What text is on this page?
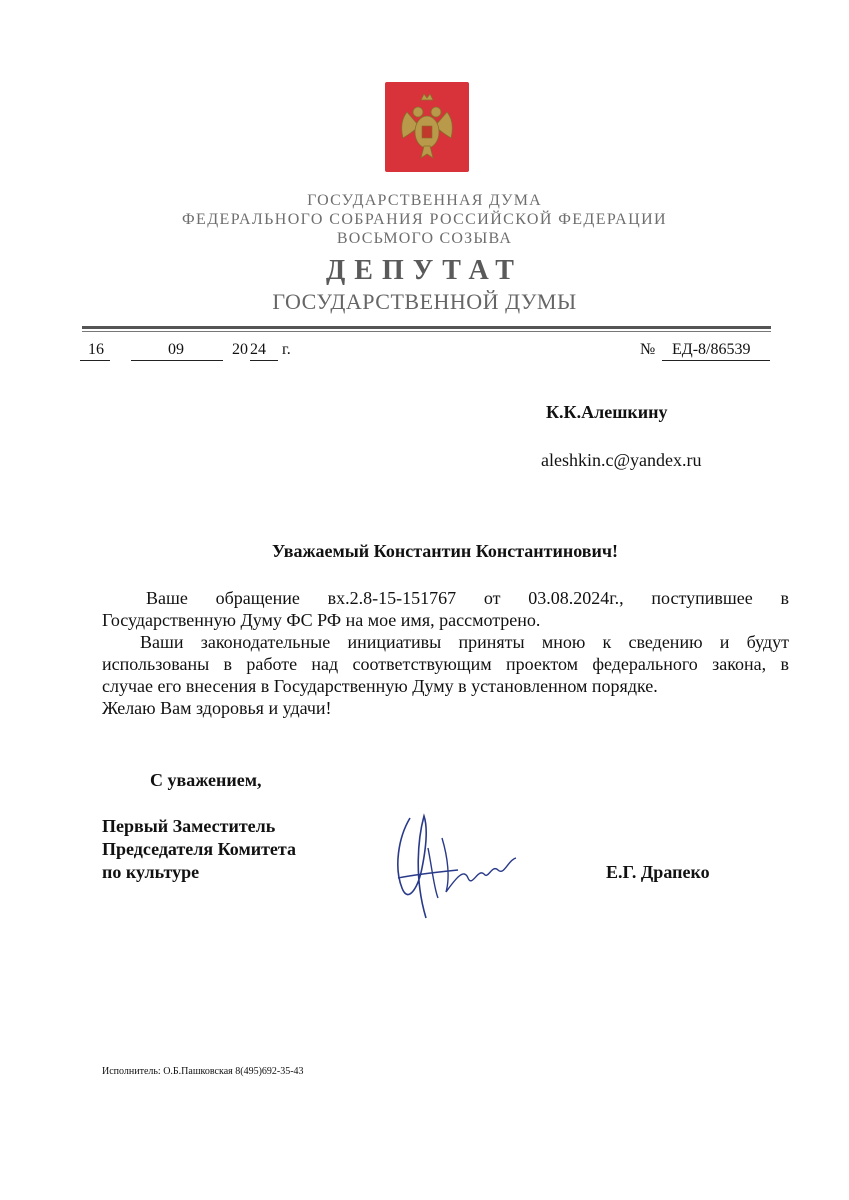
ГОСУДАРСТВЕННАЯ ДУМА
ФЕДЕРАЛЬНОГО СОБРАНИЯ РОССИЙСКОЙ ФЕДЕРАЦИИ
ВОСЬМОГО СОЗЫВА
ДЕПУТАТ
ГОСУДАРСТВЕННОЙ ДУМЫ
16	09	20 24 г.	№ ЕД-8/86539
К.К.Алешкину
aleshkin.c@yandex.ru
Уважаемый Константин Константинович!
Ваше обращение вх.2.8-15-151767 от 03.08.2024г., поступившее в
Государственную Думу ФС РФ на мое имя, рассмотрено.
Ваши законодательные инициативы приняты мною к сведению и будут
использованы в работе над соответствующим проектом федерального закона, в
случае его внесения в Государственную Думу в установленном порядке.
Желаю Вам здоровья и удачи!
С уважением,
Первый Заместитель
Председателя Комитета
по культуре	Е.Г. Драпеко
Исполнитель: О.Б.Пашковская 8(495)692-35-43
